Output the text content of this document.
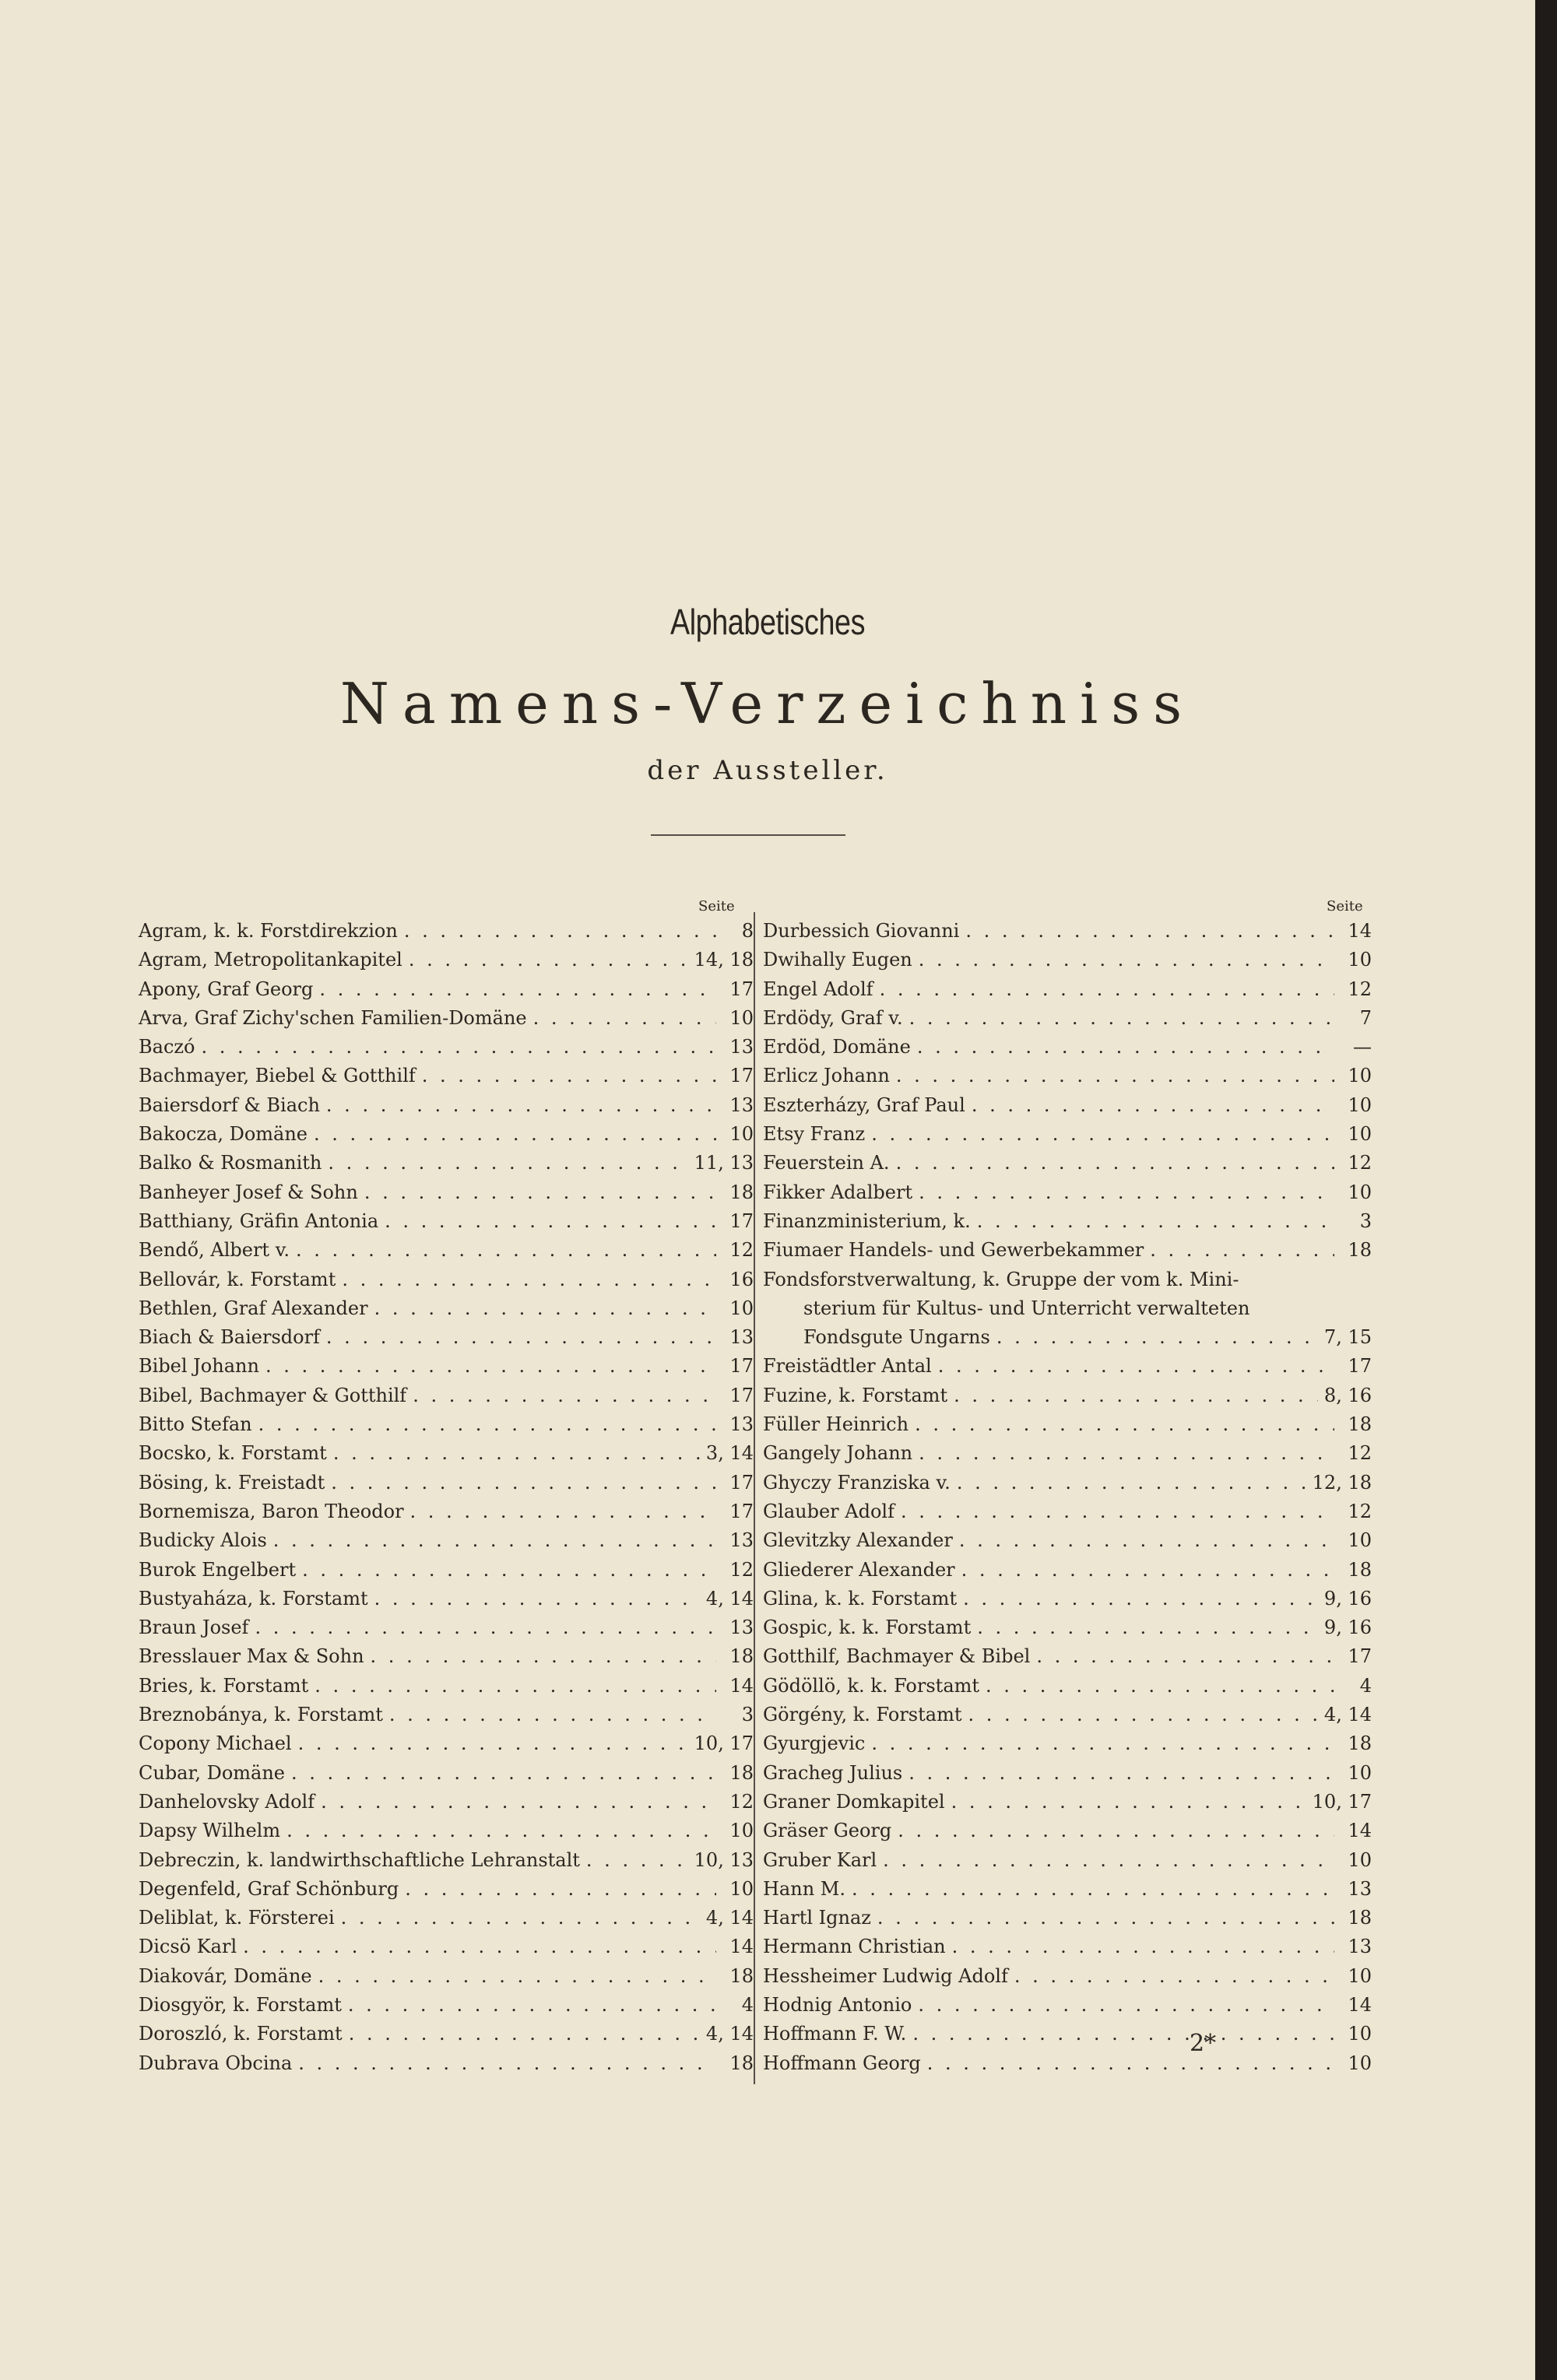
Alphabetisches
Namens-Verzeichniss
der Aussteller.
Seite	Seite
Agram, k. k. Forstdirekzion . . .	8
Agram, Metropolitankapitel . . .	14, 18
Apony, Graf Georg . . .	17
Arva, Graf Zichy'schen Familien-Domäne . . .	10
Baczó . . .	13
Bachmayer, Biebel & Gotthilf . . .	17
Baiersdorf & Biach . . .	13
Bakocza, Domäne . . .	10
Balko & Rosmanith . . .	11, 13
Banheyer Josef & Sohn . . .	18
Batthiany, Gräfin Antonia . . .	17
Bendő, Albert v. . . .	12
Bellovár, k. Forstamt . . .	16
Bethlen, Graf Alexander . . .	10
Biach & Baiersdorf . . .	13
Bibel Johann . . .	17
Bibel, Bachmayer & Gotthilf . . .	17
Bitto Stefan . . .	13
Bocsko, k. Forstamt . . .	3, 14
Bösing, k. Freistadt . . .	17
Bornemisza, Baron Theodor . . .	17
Budicky Alois . . .	13
Burok Engelbert . . .	12
Bustyaháza, k. Forstamt . . .	4, 14
Braun Josef . . .	13
Bresslauer Max & Sohn . . .	18
Bries, k. Forstamt . . .	14
Breznobánya, k. Forstamt . . .	3
Copony Michael . . .	10, 17
Cubar, Domäne . . .	18
Danhelovsky Adolf . . .	12
Dapsy Wilhelm . . .	10
Debreczin, k. landwirthschaftliche Lehranstalt . . .	10, 13
Degenfeld, Graf Schönburg . . .	10
Deliblat, k. Försterei . . .	4, 14
Dicsö Karl . . .	14
Diakovár, Domäne . . .	18
Diosgyör, k. Forstamt . . .	4
Doroszló, k. Forstamt . . .	4, 14
Dubrava Obcina . . .	18
Durbessich Giovanni . . .	14
Dwihally Eugen . . .	10
Engel Adolf . . .	12
Erdödy, Graf v. . . .	7
Erdöd, Domäne . . .	—
Erlicz Johann . . .	10
Eszterházy, Graf Paul . . .	10
Etsy Franz . . .	10
Feuerstein A. . . .	12
Fikker Adalbert . . .	10
Finanzministerium, k. . . .	3
Fiumaer Handels- und Gewerbekammer . . .	18
Fondsforstverwaltung, k. Gruppe der vom k. Mini-
sterium für Kultus- und Unterricht verwalteten
Fondsgute Ungarns . . .	7, 15
Freistädtler Antal . . .	17
Fuzine, k. Forstamt . . .	8, 16
Füller Heinrich . . .	18
Gangely Johann . . .	12
Ghyczy Franziska v. . . .	12, 18
Glauber Adolf . . .	12
Glevitzky Alexander . . .	10
Gliederer Alexander . . .	18
Glina, k. k. Forstamt . . .	9, 16
Gospic, k. k. Forstamt . . .	9, 16
Gotthilf, Bachmayer & Bibel . . .	17
Gödöllö, k. k. Forstamt . . .	4
Görgény, k. Forstamt . . .	4, 14
Gyurgjevic . . .	18
Gracheg Julius . . .	10
Graner Domkapitel . . .	10, 17
Gräser Georg . . .	14
Gruber Karl . . .	10
Hann M. . . .	13
Hartl Ignaz . . .	18
Hermann Christian . . .	13
Hessheimer Ludwig Adolf . . .	10
Hodnig Antonio . . .	14
Hoffmann F. W. . . .	10
Hoffmann Georg . . .	10
2*
